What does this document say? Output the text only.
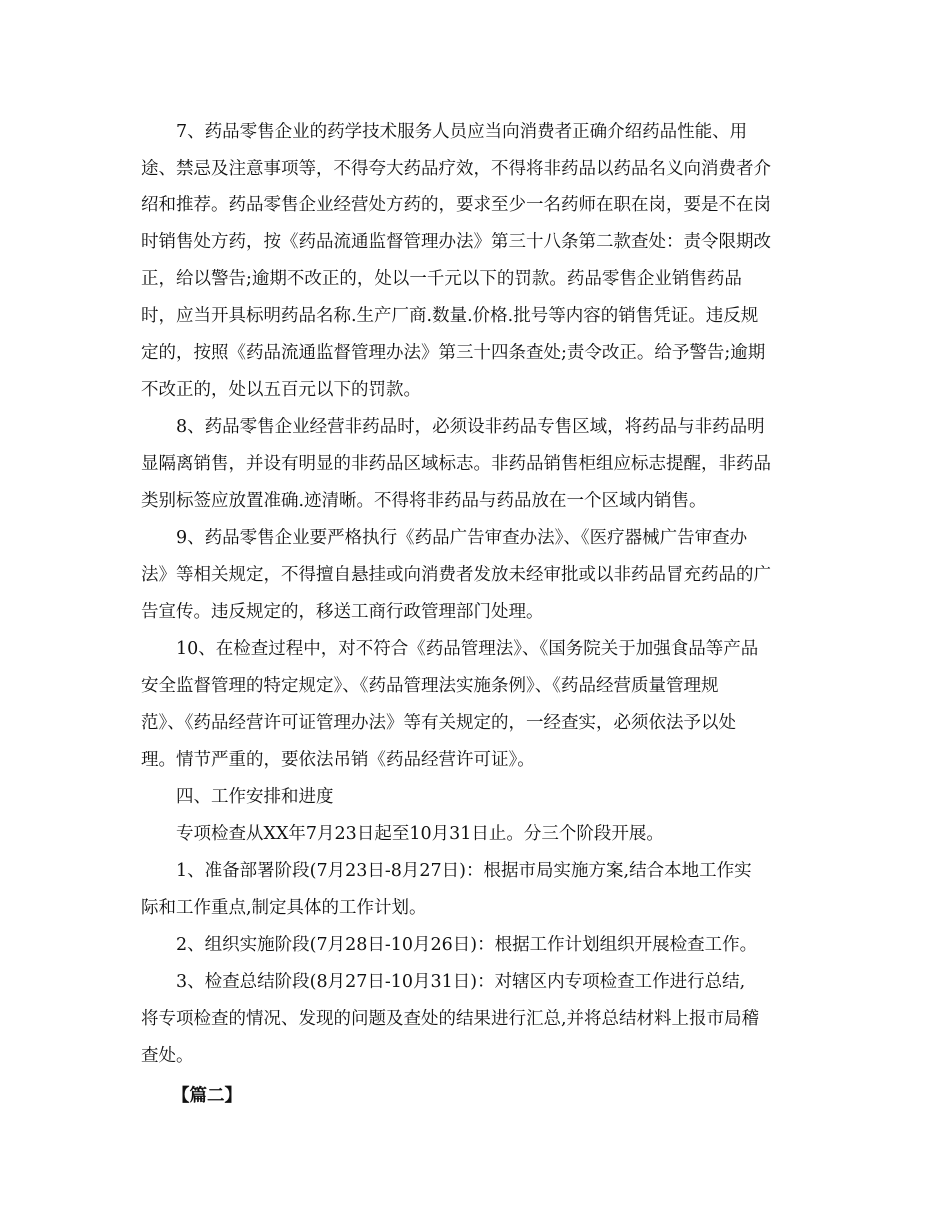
7、药品零售企业的药学技术服务人员应当向消费者正确介绍药品性能、用
途、禁忌及注意事项等，不得夸大药品疗效，不得将非药品以药品名义向消费者介
绍和推荐。药品零售企业经营处方药的，要求至少一名药师在职在岗，要是不在岗
时销售处方药，按《药品流通监督管理办法》第三十八条第二款查处：责令限期改
正，给以警告;逾期不改正的，处以一千元以下的罚款。药品零售企业销售药品
时，应当开具标明药品名称.生产厂商.数量.价格.批号等内容的销售凭证。违反规
定的，按照《药品流通监督管理办法》第三十四条查处;责令改正。给予警告;逾期
不改正的，处以五百元以下的罚款。
8、药品零售企业经营非药品时，必须设非药品专售区域，将药品与非药品明
显隔离销售，并设有明显的非药品区域标志。非药品销售柜组应标志提醒，非药品
类别标签应放置准确.迹清晰。不得将非药品与药品放在一个区域内销售。
9、药品零售企业要严格执行《药品广告审查办法》、《医疗器械广告审查办
法》等相关规定，不得擅自悬挂或向消费者发放未经审批或以非药品冒充药品的广
告宣传。违反规定的，移送工商行政管理部门处理。
10、在检查过程中，对不符合《药品管理法》、《国务院关于加强食品等产品
安全监督管理的特定规定》、《药品管理法实施条例》、《药品经营质量管理规
范》、《药品经营许可证管理办法》等有关规定的，一经查实，必须依法予以处
理。情节严重的，要依法吊销《药品经营许可证》。
四、工作安排和进度
专项检查从XX年7月23日起至10月31日止。分三个阶段开展。
1、准备部署阶段(7月23日-8月27日)：根据市局实施方案,结合本地工作实
际和工作重点,制定具体的工作计划。
2、组织实施阶段(7月28日-10月26日)：根据工作计划组织开展检查工作。
3、检查总结阶段(8月27日-10月31日)：对辖区内专项检查工作进行总结,
将专项检查的情况、发现的问题及查处的结果进行汇总,并将总结材料上报市局稽
查处。
【篇二】
